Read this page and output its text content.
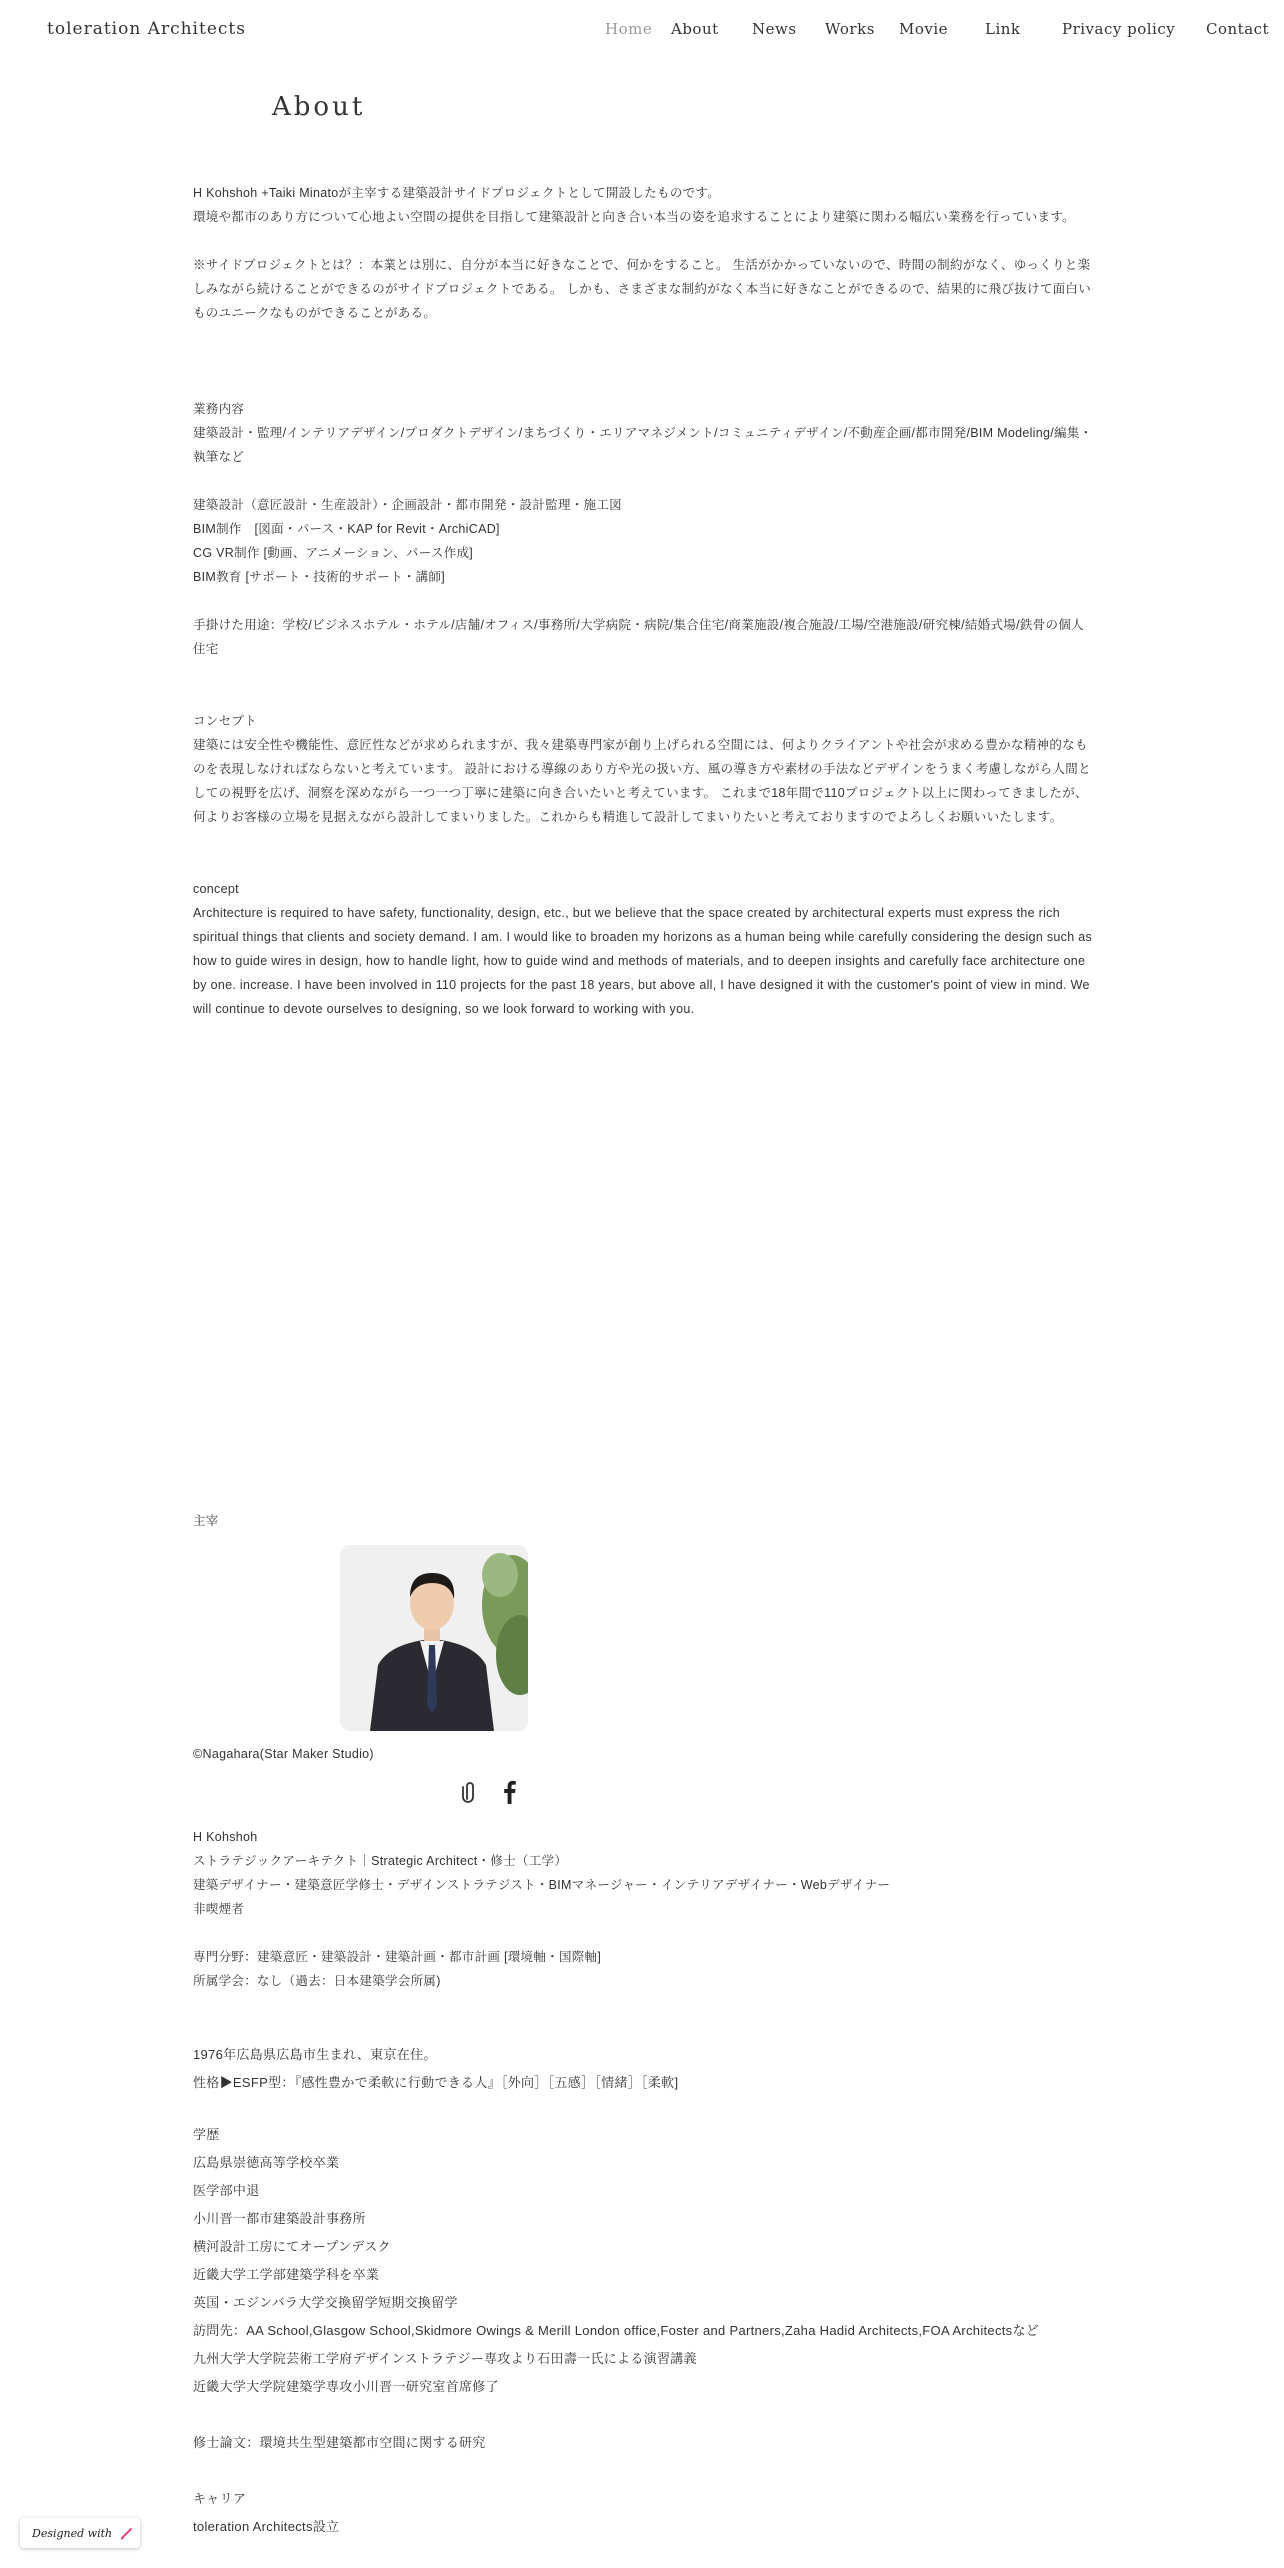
toleration Architects	Home About News Works Movie Link	Privacy policy Contact
About
H Kohshoh +Taiki Minatoが主宰する建築設計サイドプロジェクトとして開設したものです。
環境や都市のあり方について心地よい空間の提供を目指して建築設計と向き合い本当の姿を追求することにより建築に関わる幅広い業務を行っています。
※サイドプロジェクトとは？：本業とは別に、自分が本当に好きなことで、何かをすること。 生活がかかっていないので、時間の制約がなく、ゆっくりと楽しみながら続けることができるのがサイドプロジェクトである。 しかも、さまざまな制約がなく本当に好きなことができるので、結果的に飛び抜けて面白いものユニークなものができることがある。
業務内容
建築設計・監理/インテリアデザイン/プロダクトデザイン/まちづくり・エリアマネジメント/コミュニティデザイン/不動産企画/都市開発/BIM Modeling/編集・執筆など
建築設計（意匠設計・生産設計）・企画設計・都市開発・設計監理・施工図
BIM制作　[図面・パース・KAP for Revit・ArchiCAD]
CG VR制作 [動画、アニメーション、パース作成]
BIM教育 [サポート・技術的サポート・講師]
手掛けた用途：学校/ビジネスホテル・ホテル/店舗/オフィス/事務所/大学病院・病院/集合住宅/商業施設/複合施設/工場/空港施設/研究棟/結婚式場/鉄骨の個人住宅
コンセプト
建築には安全性や機能性、意匠性などが求められますが、我々建築専門家が創り上げられる空間には、何よりクライアントや社会が求める豊かな精神的なものを表現しなければならないと考えています。 設計における導線のあり方や光の扱い方、風の導き方や素材の手法などデザインをうまく考慮しながら人間としての視野を広げ、洞察を深めながら一つ一つ丁寧に建築に向き合いたいと考えています。 これまで18年間で110プロジェクト以上に関わってきましたが、何よりお客様の立場を見据えながら設計してまいりました。これからも精進して設計してまいりたいと考えておりますのでよろしくお願いいたします。
concept
Architecture is required to have safety, functionality, design, etc., but we believe that the space created by architectural experts must express the rich spiritual things that clients and society demand. I am. I would like to broaden my horizons as a human being while carefully considering the design such as how to guide wires in design, how to handle light, how to guide wind and methods of materials, and to deepen insights and carefully face architecture one by one. increase. I have been involved in 110 projects for the past 18 years, but above all, I have designed it with the customer's point of view in mind. We will continue to devote ourselves to designing, so we look forward to working with you.
主宰
©Nagahara(Star Maker Studio)
H Kohshoh
ストラテジックアーキテクト｜Strategic Architect・修士（工学）
建築デザイナー・建築意匠学修士・デザインストラテジスト・BIMマネージャー・インテリアデザイナー・Webデザイナー
非喫煙者
専門分野：建築意匠・建築設計・建築計画・都市計画 [環境軸・国際軸]
所属学会：なし（過去：日本建築学会所属)
1976年広島県広島市生まれ、東京在住。
性格▶ESFP型：『感性豊かで柔軟に行動できる人』［外向］［五感］［情緒］［柔軟]
学歴
広島県崇徳高等学校卒業
医学部中退
小川晋一都市建築設計事務所
横河設計工房にてオープンデスク
近畿大学工学部建築学科を卒業
英国・エジンバラ大学交換留学短期交換留学
訪問先：AA School,Glasgow School,Skidmore Owings & Merill London office,Foster and Partners,Zaha Hadid Architects,FOA Architectsなど
九州大学大学院芸術工学府デザインストラテジー専攻より石田壽一氏による演習講義
近畿大学大学院建築学専攻小川晋一研究室首席修了
修士論文：環境共生型建築都市空間に関する研究
キャリア
toleration Architects設立
Designed with
